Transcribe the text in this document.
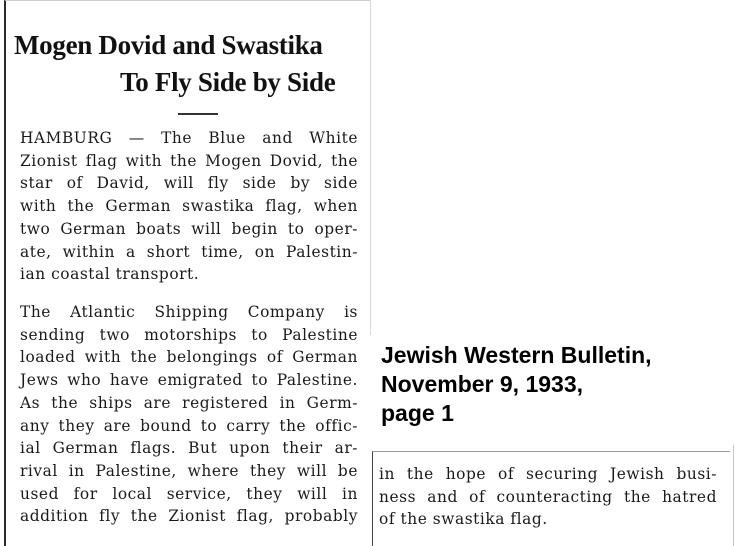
Mogen Dovid and Swastika
To Fly Side by Side
HAMBURG — The Blue and White
Zionist flag with the Mogen Dovid, the
star of David, will fly side by side
with the German swastika flag, when
two German boats will begin to oper-
ate, within a short time, on Palestin-
ian coastal transport.
The Atlantic Shipping Company is
sending two motorships to Palestine
loaded with the belongings of German
Jews who have emigrated to Palestine.
As the ships are registered in Germ-
any they are bound to carry the offic-
ial German flags. But upon their ar-
rival in Palestine, where they will be
used for local service, they will in
addition fly the Zionist flag, probably
Jewish Western Bulletin,
November 9, 1933,
page 1
in the hope of securing Jewish busi-
ness and of counteracting the hatred
of the swastika flag.
